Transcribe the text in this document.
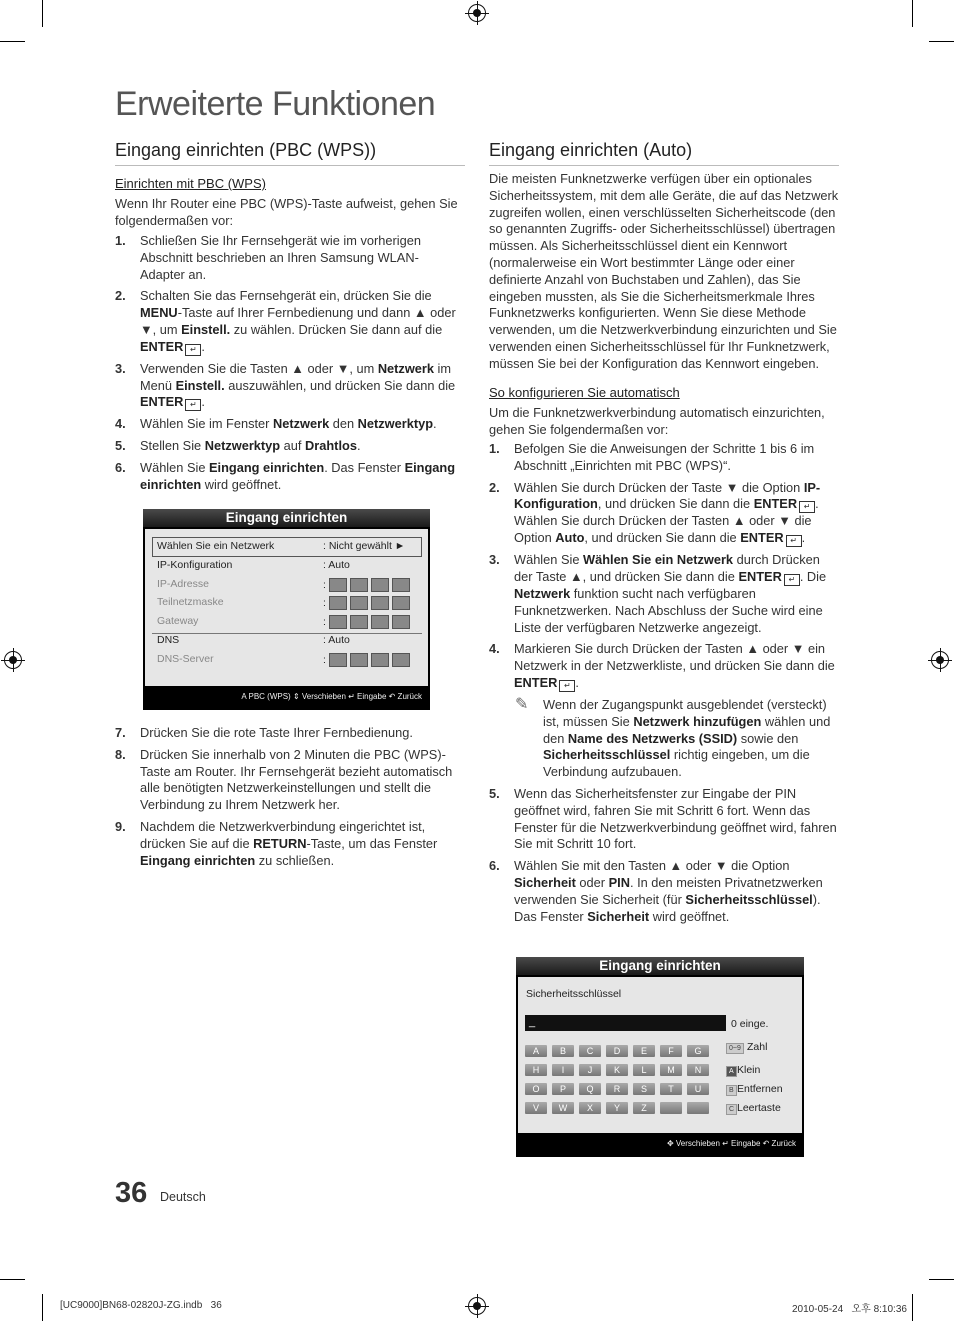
Erweiterte Funktionen
Eingang einrichten (PBC (WPS))
Einrichten mit PBC (WPS)
Wenn Ihr Router eine PBC (WPS)-Taste aufweist, gehen Sie folgendermaßen vor:
1. Schließen Sie Ihr Fernsehgerät wie im vorherigen Abschnitt beschrieben an Ihren Samsung WLAN-Adapter an.
2. Schalten Sie das Fernsehgerät ein, drücken Sie die MENU-Taste auf Ihrer Fernbedienung und dann ▲ oder ▼, um Einstell. zu wählen. Drücken Sie dann auf die ENTER ↵ .
3. Verwenden Sie die Tasten ▲ oder ▼, um Netzwerk im Menü Einstell. auszuwählen, und drücken Sie dann die ENTER ↵ .
4. Wählen Sie im Fenster Netzwerk den Netzwerktyp.
5. Stellen Sie Netzwerktyp auf Drahtlos.
6. Wählen Sie Eingang einrichten. Das Fenster Eingang einrichten wird geöffnet.
Eingang einrichten
Wählen Sie ein Netzwerk	: Nicht gewählt ►
IP-Konfiguration	: Auto
IP-Adresse	:
Teilnetzmaske	:
Gateway	:
DNS	: Auto
DNS-Server	:
A PBC (WPS) ⇕ Verschieben ↵ Eingabe ↶ Zurück
7. Drücken Sie die rote Taste Ihrer Fernbedienung.
8. Drücken Sie innerhalb von 2 Minuten die PBC (WPS)-Taste am Router. Ihr Fernsehgerät bezieht automatisch alle benötigten Netzwerkeinstellungen und stellt die Verbindung zu Ihrem Netzwerk her.
9. Nachdem die Netzwerkverbindung eingerichtet ist, drücken Sie auf die RETURN-Taste, um das Fenster Eingang einrichten zu schließen.
Eingang einrichten (Auto)
Die meisten Funknetzwerke verfügen über ein optionales Sicherheitssystem, mit dem alle Geräte, die auf das Netzwerk zugreifen wollen, einen verschlüsselten Sicherheitscode (den so genannten Zugriffs- oder Sicherheitsschlüssel) übertragen müssen. Als Sicherheitsschlüssel dient ein Kennwort (normalerweise ein Wort bestimmter Länge oder einer definierte Anzahl von Buchstaben und Zahlen), das Sie eingeben mussten, als Sie die Sicherheitsmerkmale Ihres Funknetzwerks konfigurierten. Wenn Sie diese Methode verwenden, um die Netzwerkverbindung einzurichten und Sie verwenden einen Sicherheitsschlüssel für Ihr Funknetzwerk, müssen Sie bei der Konfiguration das Kennwort eingeben.
So konfigurieren Sie automatisch
Um die Funknetzwerkverbindung automatisch einzurichten, gehen Sie folgendermaßen vor:
1. Befolgen Sie die Anweisungen der Schritte 1 bis 6 im Abschnitt „Einrichten mit PBC (WPS)“.
2. Wählen Sie durch Drücken der Taste ▼ die Option IP-Konfiguration, und drücken Sie dann die ENTER ↵ . Wählen Sie durch Drücken der Tasten ▲ oder ▼ die Option Auto, und drücken Sie dann die ENTER ↵ .
3. Wählen Sie Wählen Sie ein Netzwerk durch Drücken der Taste ▲, und drücken Sie dann die ENTER ↵ . Die Netzwerk funktion sucht nach verfügbaren Funknetzwerken. Nach Abschluss der Suche wird eine Liste der verfügbaren Netzwerke angezeigt.
4. Markieren Sie durch Drücken der Tasten ▲ oder ▼ ein Netzwerk in der Netzwerkliste, und drücken Sie dann die ENTER ↵ .
✎ Wenn der Zugangspunkt ausgeblendet (versteckt) ist, müssen Sie Netzwerk hinzufügen wählen und den Name des Netzwerks (SSID) sowie den Sicherheitsschlüssel richtig eingeben, um die Verbindung aufzubauen.
5. Wenn das Sicherheitsfenster zur Eingabe der PIN geöffnet wird, fahren Sie mit Schritt 6 fort. Wenn das Fenster für die Netzwerkverbindung geöffnet wird, fahren Sie mit Schritt 10 fort.
6. Wählen Sie mit den Tasten ▲ oder ▼ die Option Sicherheit oder PIN. In den meisten Privatnetzwerken verwenden Sie Sicherheit (für Sicherheitsschlüssel). Das Fenster Sicherheit wird geöffnet.
Eingang einrichten
Sicherheitsschlüssel
_	0 einge.
A	B	C	D	E	F	G
H	I	J	K	L	M	N
O	P	Q	R	S	T	U
V	W	X	Y	Z
0~9 Zahl
A Klein
B Entfernen
C Leertaste
✥ Verschieben ↵ Eingabe ↶ Zurück
36 Deutsch
[UC9000]BN68-02820J-ZG.indb   36	2010-05-24   오후 8:10:36
